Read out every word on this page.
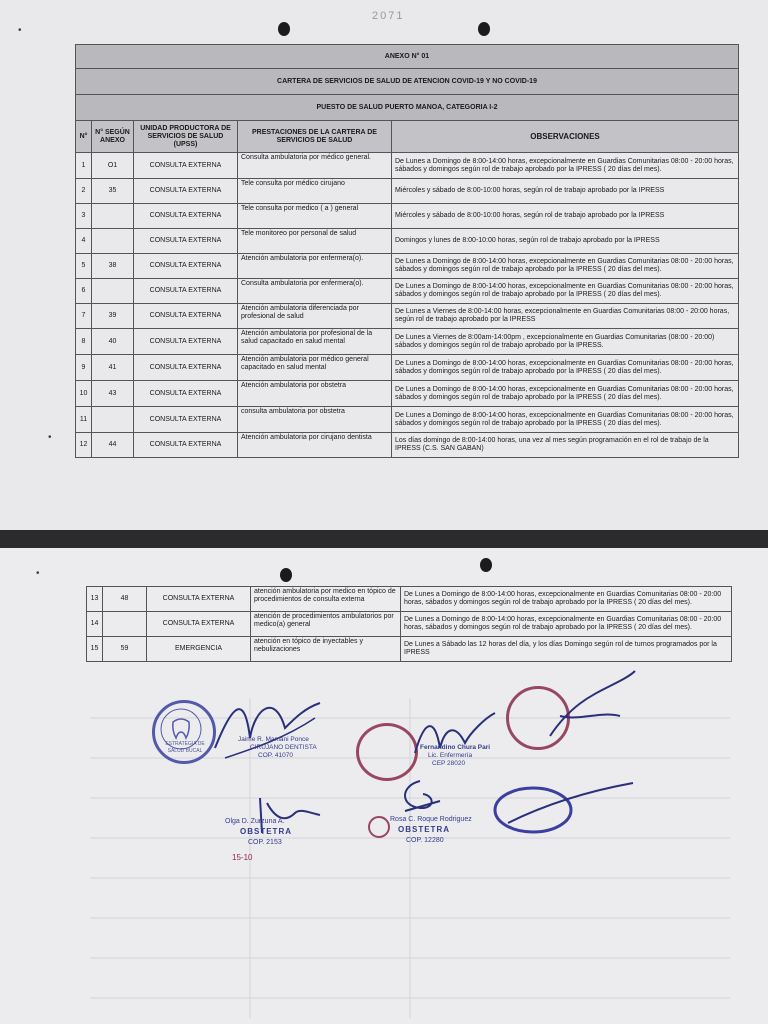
2071
•
•
ANEXO N° 01				
CARTERA DE SERVICIOS DE SALUD DE ATENCION COVID-19 Y NO COVID-19				
PUESTO DE SALUD PUERTO MANOA, CATEGORIA I-2				
N°	N° SEGÚN ANEXO	UNIDAD PRODUCTORA DE SERVICIOS DE SALUD (UPSS)	PRESTACIONES DE LA CARTERA DE SERVICIOS DE SALUD	OBSERVACIONES
1	O1	CONSULTA EXTERNA	Consulta ambulatoria por médico general.	De Lunes a Domingo de 8:00-14:00 horas, excepcionalmente en Guardias Comunitarias 08:00 - 20:00 horas, sábados y domingos según rol de trabajo aprobado por la IPRESS ( 20 días del mes).
2	35	CONSULTA EXTERNA	Tele consulta por médico cirujano	Miércoles y sábado de 8:00-10:00 horas, según rol de trabajo aprobado por la IPRESS
3		CONSULTA EXTERNA	Tele consulta por medico ( a ) general	Miércoles y sábado de 8:00-10:00 horas, según rol de trabajo aprobado por la IPRESS
4		CONSULTA EXTERNA	Tele monitoreo por personal de salud	Domingos y lunes de 8:00-10:00 horas, según rol de trabajo aprobado por la IPRESS
5	38	CONSULTA EXTERNA	Atención ambulatoria por enfermera(o).	De Lunes a Domingo de 8:00-14:00 horas, excepcionalmente en Guardias Comunitarias 08:00 - 20:00 horas, sábados y domingos según rol de trabajo aprobado por la IPRESS ( 20 días del mes).
6		CONSULTA EXTERNA	Consulta ambulatoria por enfermera(o).	De Lunes a Domingo de 8:00-14:00 horas, excepcionalmente en Guardias Comunitarias 08:00 - 20:00 horas, sábados y domingos según rol de trabajo aprobado por la IPRESS ( 20 días del mes).
7	39	CONSULTA EXTERNA	Atención ambulatoria diferenciada por profesional de salud	De Lunes a Viernes de 8:00-14:00 horas, excepcionalmente en Guardias Comunitarias 08:00 - 20:00 horas, según rol de trabajo aprobado por la IPRESS
8	40	CONSULTA EXTERNA	Atención ambulatoria por profesional de la salud capacitado en salud mental	De Lunes a Viernes de 8:00am-14:00pm , excepcionalmente en Guardias Comunitarias (08:00 - 20:00) sábados y domingos según rol de trabajo aprobado por la IPRESS.
9	41	CONSULTA EXTERNA	Atención ambulatoria por médico general capacitado en salud mental	De Lunes a Domingo de 8:00-14:00 horas, excepcionalmente en Guardias Comunitarias 08:00 - 20:00 horas, sábados y domingos según rol de trabajo aprobado por la IPRESS ( 20 días del mes).
10	43	CONSULTA EXTERNA	Atención ambulatoria por obstetra	De Lunes a Domingo de 8:00-14:00 horas, excepcionalmente en Guardias Comunitarias 08:00 - 20:00 horas, sábados y domingos según rol de trabajo aprobado por la IPRESS ( 20 días del mes).
11		CONSULTA EXTERNA	consulta ambulatoria por obstetra	De Lunes a Domingo de 8:00-14:00 horas, excepcionalmente en Guardias Comunitarias 08:00 - 20:00 horas, sábados y domingos según rol de trabajo aprobado por la IPRESS ( 20 días del mes).
12	44	CONSULTA EXTERNA	Atención ambulatoria por cirujano dentista	Los días domingo de 8:00-14:00 horas, una vez al mes según programación en el rol de trabajo de la IPRESS (C.S. SAN GABAN)
•
13	48	CONSULTA EXTERNA	atención ambulatoria por medico en tópico de procedimientos de consulta externa	De Lunes a Domingo de 8:00-14:00 horas, excepcionalmente en Guardias Comunitarias 08:00 - 20:00 horas, sábados y domingos según rol de trabajo aprobado por la IPRESS ( 20 días del mes).
14		CONSULTA EXTERNA	atención de procedimientos ambulatorios por medico(a) general	De Lunes a Domingo de 8:00-14:00 horas, excepcionalmente en Guardias Comunitarias 08:00 - 20:00 horas, sábados y domingos según rol de trabajo aprobado por la IPRESS ( 20 días del mes).
15	59	EMERGENCIA	atención en tópico de inyectables y nebulizaciones	De Lunes a Sábado las 12 horas del día, y los días Domingo según rol de turnos programados por la IPRESS
ESTRATEGIA DE SALUD BUCAL
Jaime R. Mamani Ponce
CIRUJANO DENTISTA
COP. 41070
Fernandino Chura Pari
Lic. Enfermería
CEP 28020
Olga D. Zurzuna A.
OBSTETRA
COP. 2153
15-10
Rosa C. Roque Rodriguez
OBSTETRA
COP. 12280
